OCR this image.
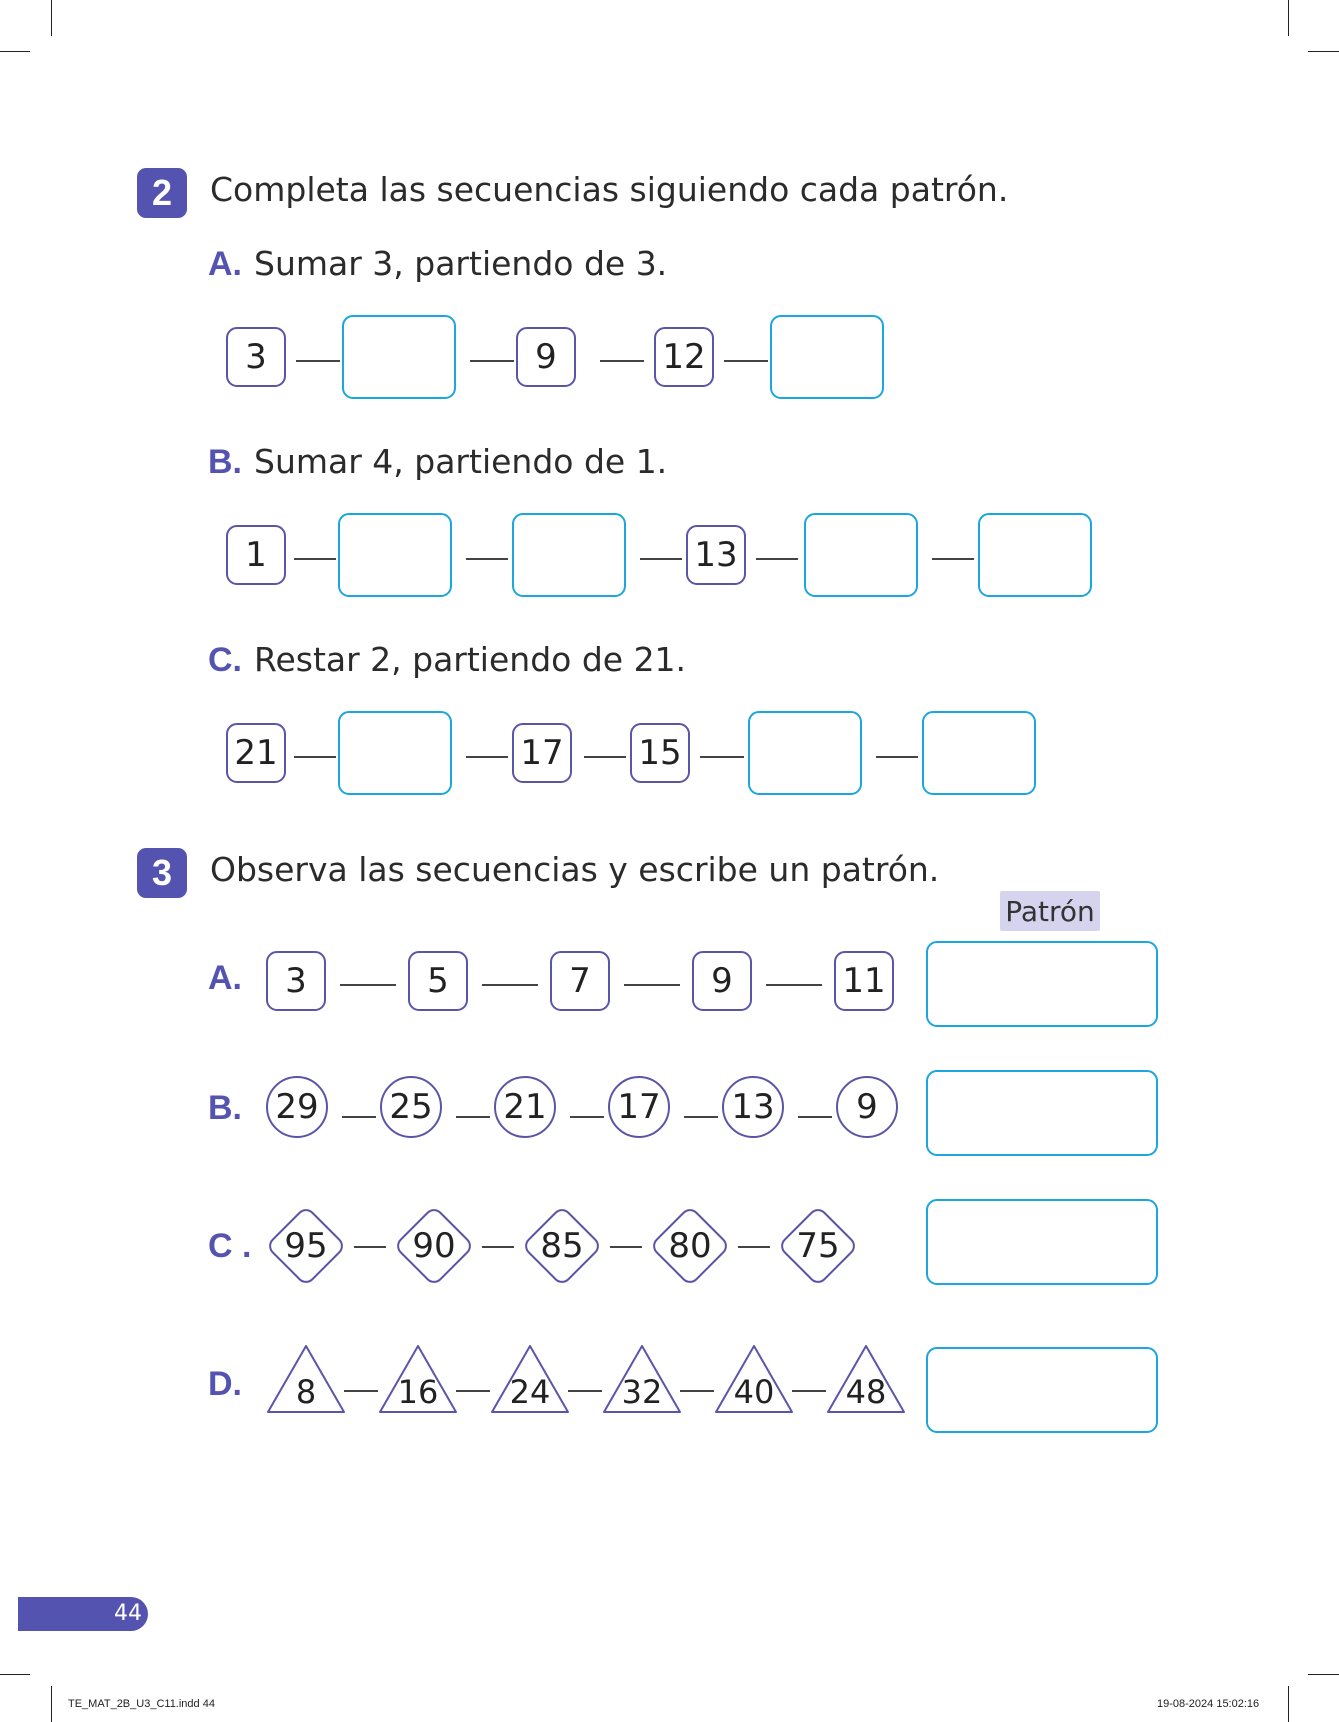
2	Completa las secuencias siguiendo cada patrón.
A. Sumar 3, partiendo de 3.
B. Sumar 4, partiendo de 1.
C. Restar 2, partiendo de 21.
3	9	12
1	13
21	17 15
3	Observa las secuencias y escribe un patrón.
Patrón
A.	3	5	7	9	11
B. 29 25 21 17 13	9
C . 95	90	85	80	75
D.	8	16	24	32	40	48
44
TE_MAT_2B_U3_C11.indd 44	19-08-2024 15:02:16
